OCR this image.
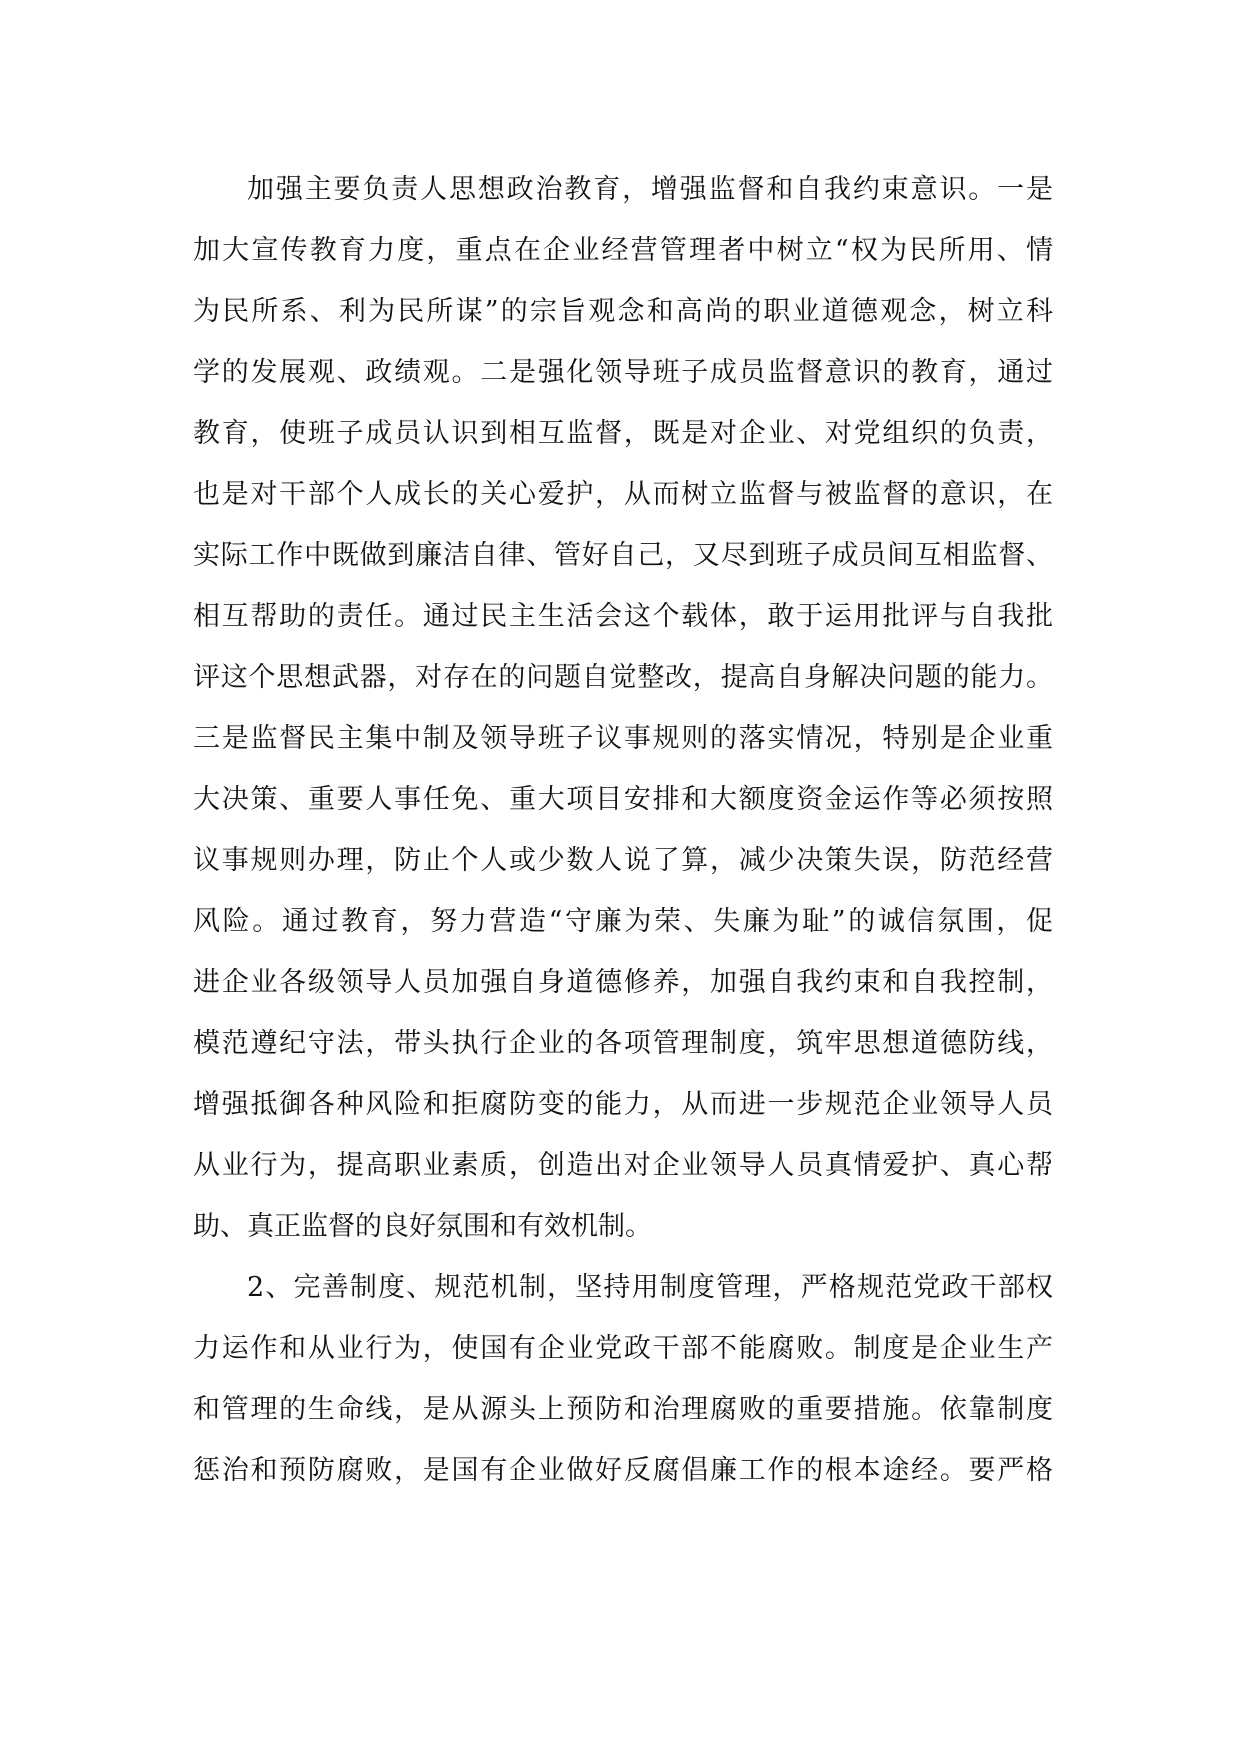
加强主要负责人思想政治教育，增强监督和自我约束意识。一是
加大宣传教育力度，重点在企业经营管理者中树立“权为民所用、情
为民所系、利为民所谋”的宗旨观念和高尚的职业道德观念，树立科
学的发展观、政绩观。二是强化领导班子成员监督意识的教育，通过
教育，使班子成员认识到相互监督，既是对企业、对党组织的负责，
也是对干部个人成长的关心爱护，从而树立监督与被监督的意识，在
实际工作中既做到廉洁自律、管好自己，又尽到班子成员间互相监督、
相互帮助的责任。通过民主生活会这个载体，敢于运用批评与自我批
评这个思想武器，对存在的问题自觉整改，提高自身解决问题的能力。
三是监督民主集中制及领导班子议事规则的落实情况，特别是企业重
大决策、重要人事任免、重大项目安排和大额度资金运作等必须按照
议事规则办理，防止个人或少数人说了算，减少决策失误，防范经营
风险。通过教育，努力营造“守廉为荣、失廉为耻”的诚信氛围，促
进企业各级领导人员加强自身道德修养，加强自我约束和自我控制，
模范遵纪守法，带头执行企业的各项管理制度，筑牢思想道德防线，
增强抵御各种风险和拒腐防变的能力，从而进一步规范企业领导人员
从业行为，提高职业素质，创造出对企业领导人员真情爱护、真心帮
助、真正监督的良好氛围和有效机制。
2、完善制度、规范机制，坚持用制度管理，严格规范党政干部权
力运作和从业行为，使国有企业党政干部不能腐败。制度是企业生产
和管理的生命线，是从源头上预防和治理腐败的重要措施。依靠制度
惩治和预防腐败，是国有企业做好反腐倡廉工作的根本途经。要严格
